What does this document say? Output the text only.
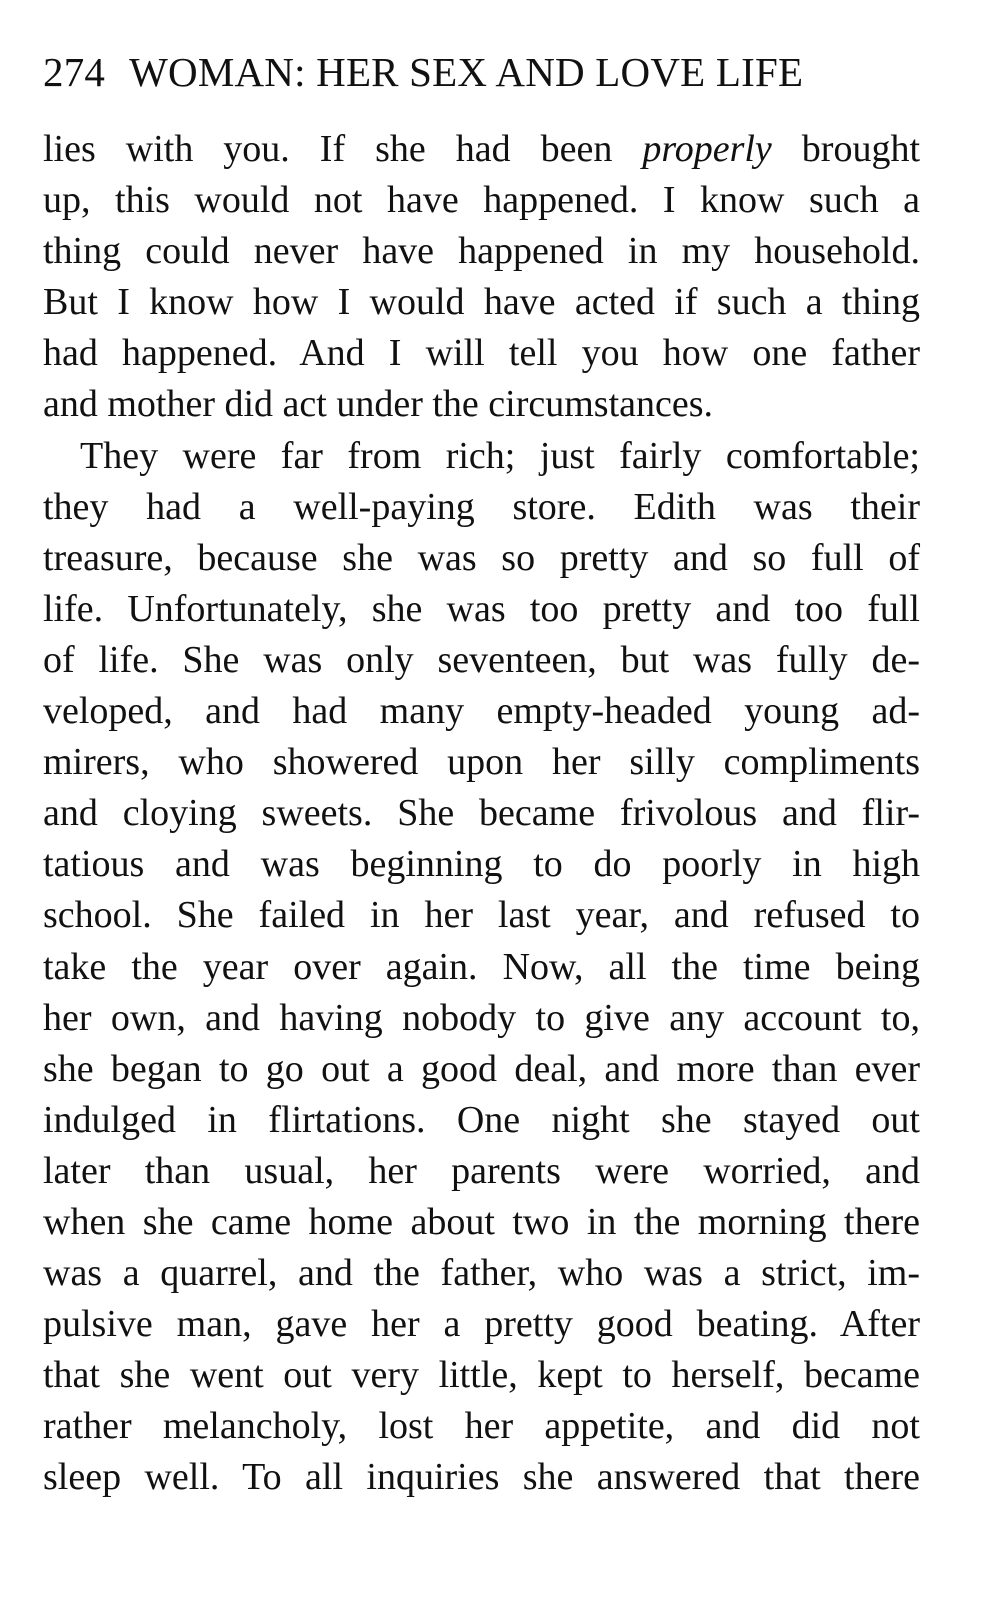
274 WOMAN: HER SEX AND LOVE LIFE
lies with you. If she had been properly brought
up, this would not have happened. I know such a
thing could never have happened in my household.
But I know how I would have acted if such a thing
had happened. And I will tell you how one father
and mother did act under the circumstances.
They were far from rich; just fairly comfortable;
they had a well-paying store. Edith was their
treasure, because she was so pretty and so full of
life. Unfortunately, she was too pretty and too full
of life. She was only seventeen, but was fully de-
veloped, and had many empty-headed young ad-
mirers, who showered upon her silly compliments
and cloying sweets. She became frivolous and flir-
tatious and was beginning to do poorly in high
school. She failed in her last year, and refused to
take the year over again. Now, all the time being
her own, and having nobody to give any account to,
she began to go out a good deal, and more than ever
indulged in flirtations. One night she stayed out
later than usual, her parents were worried, and
when she came home about two in the morning there
was a quarrel, and the father, who was a strict, im-
pulsive man, gave her a pretty good beating. After
that she went out very little, kept to herself, became
rather melancholy, lost her appetite, and did not
sleep well. To all inquiries she answered that there
